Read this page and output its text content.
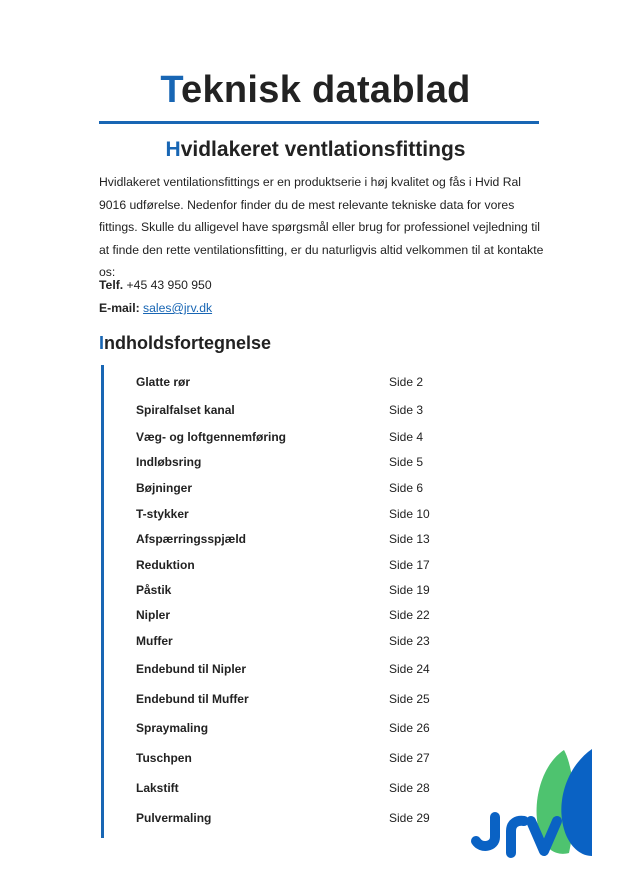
Teknisk datablad
Hvidlakeret ventlationsfittings

Hvidlakeret ventilationsfittings er en produktserie i høj kvalitet og fås i Hvid Ral 9016 udførelse. Nedenfor finder du de mest relevante tekniske data for vores fittings. Skulle du alligevel have spørgsmål eller brug for professionel vejledning til at finde den rette ventilationsfitting, er du naturligvis altid velkommen til at kontakte os:

Telf. +45 43 950 950
E-mail: sales@jrv.dk
Indholdsfortegnelse
Glatte rør	Side 2
Spiralfalset kanal	Side 3
Væg- og loftgennemføring	Side 4
Indløbsring	Side 5
Bøjninger	Side 6
T-stykker	Side 10
Afspærringsspjæld	Side 13
Reduktion	Side 17
Påstik	Side 19
Nipler	Side 22
Muffer	Side 23
Endebund til Nipler	Side 24
Endebund til Muffer	Side 25
Spraymaling	Side 26
Tuschpen	Side 27
Lakstift	Side 28
Pulvermaling	Side 29
